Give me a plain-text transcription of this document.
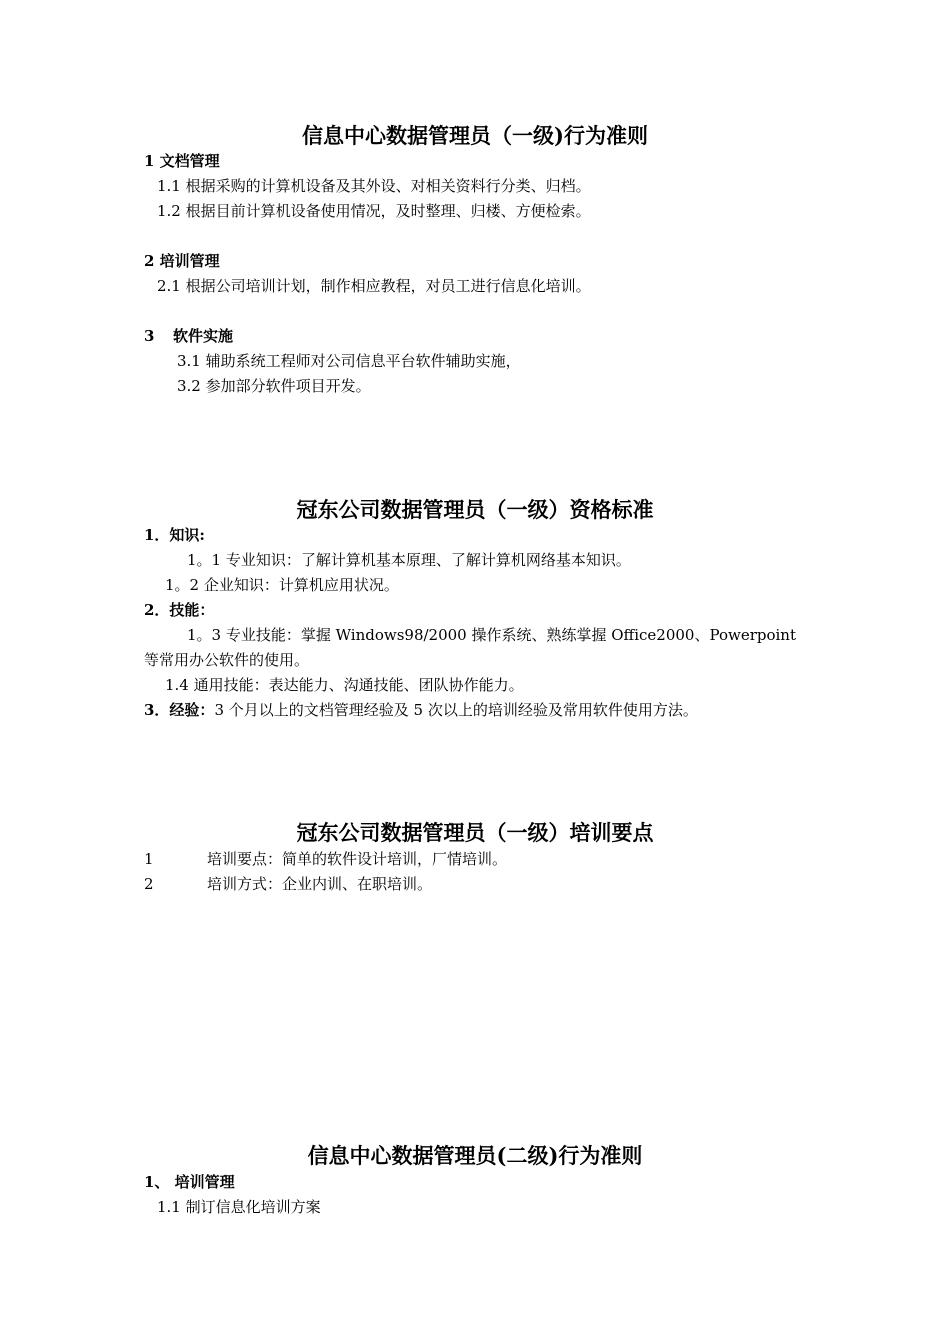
信息中心数据管理员（一级)行为准则
1 文档管理
1.1 根据采购的计算机设备及其外设、对相关资料行分类、归档。
1.2 根据目前计算机设备使用情况，及时整理、归楼、方便检索。
2 培训管理
2.1 根据公司培训计划，制作相应教程，对员工进行信息化培训。
3 软件实施
3.1 辅助系统工程师对公司信息平台软件辅助实施，
3.2 参加部分软件项目开发。
冠东公司数据管理员（一级）资格标准
1．知识:
1。1 专业知识：了解计算机基本原理、了解计算机网络基本知识。
1。2 企业知识：计算机应用状况。
2．技能：
1。3 专业技能：掌握 Windows98/2000 操作系统、熟练掌握 Office2000、Powerpoint
等常用办公软件的使用。
1.4 通用技能：表达能力、沟通技能、团队协作能力。
3．经验：3 个月以上的文档管理经验及 5 次以上的培训经验及常用软件使用方法。
冠东公司数据管理员（一级）培训要点
1	培训要点：简单的软件设计培训，厂情培训。
2	培训方式：企业内训、在职培训。
信息中心数据管理员(二级)行为准则
1、 培训管理
1.1 制订信息化培训方案
